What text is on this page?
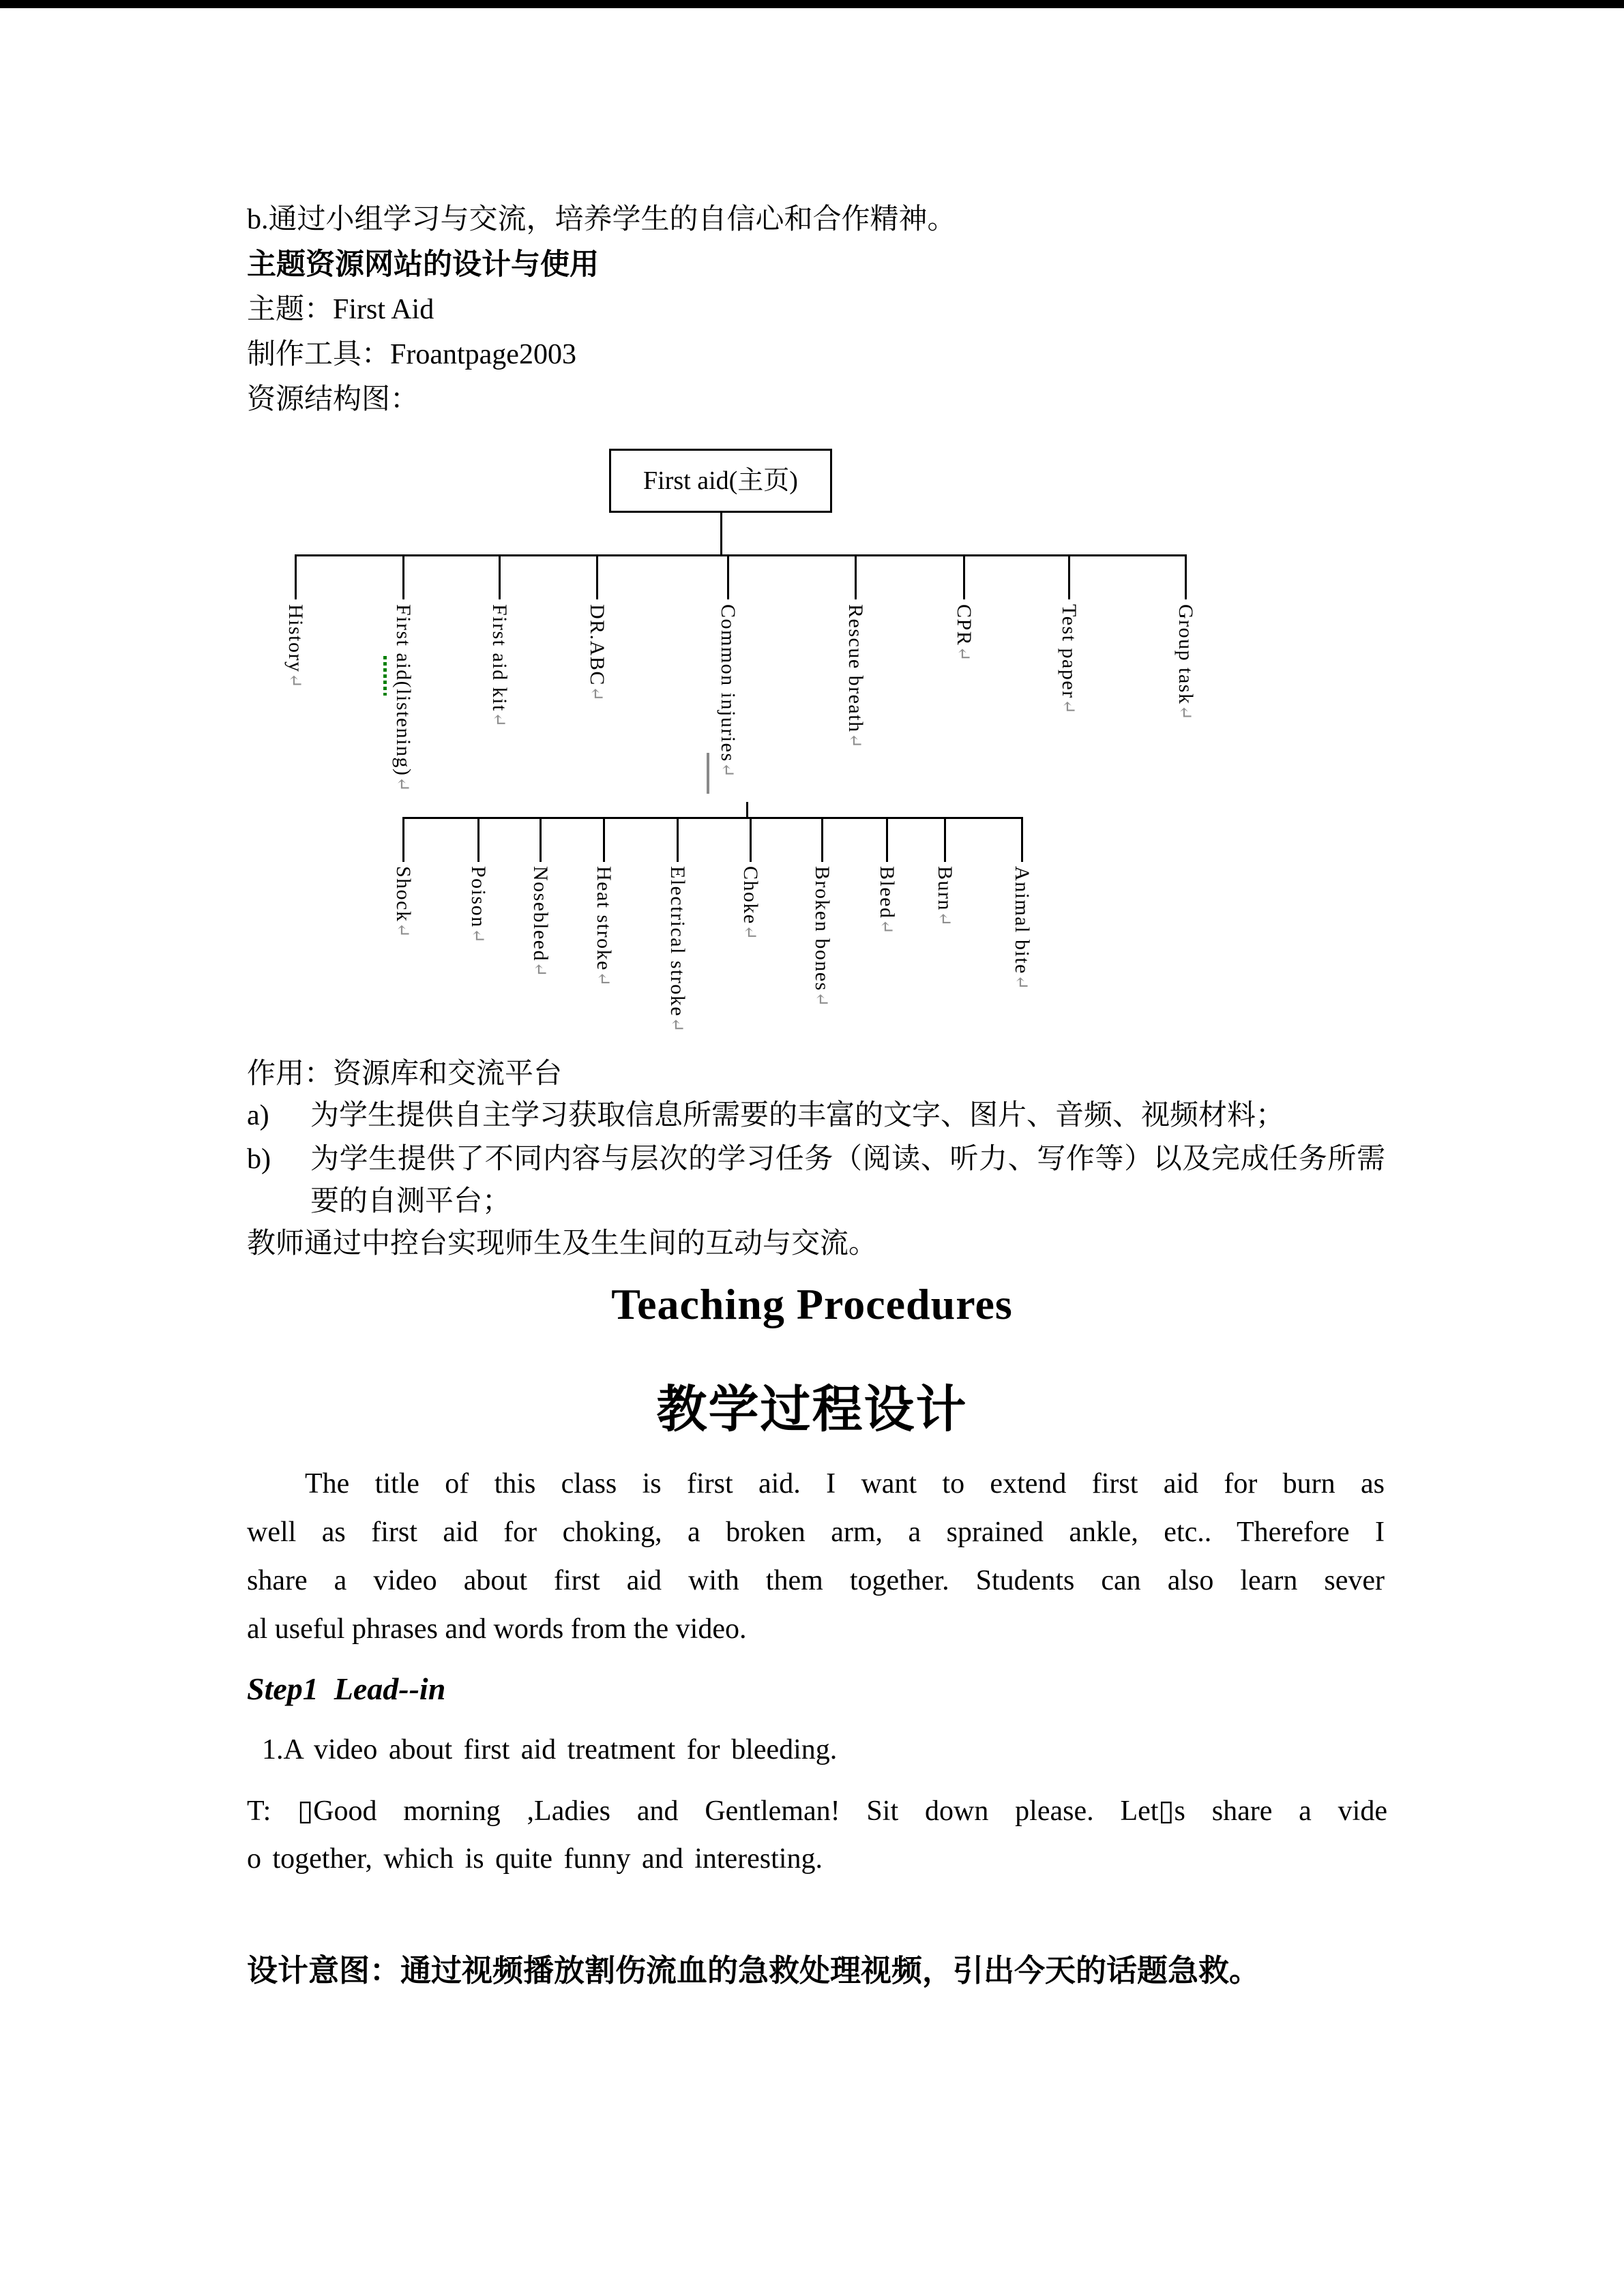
b.通过小组学习与交流，培养学生的自信心和合作精神。
主题资源网站的设计与使用
主题：First Aid
制作工具：Froantpage2003
资源结构图：
First aid(主页)
History↵	First aid(listening)↵
First aid kit↵
DR.ABC↵	Common injuries↵
Rescue breath↵
CPR↵	Test paper↵
Group task↵
Shock↵
Poison↵ Nosebleed↵ Heat stroke↵	Electrical stroke↵
Choke↵ Broken bones↵
Bleed↵
Burn↵	Animal bite↵
作用：资源库和交流平台
a)	为学生提供自主学习获取信息所需要的丰富的文字、图片、音频、视频材料；
b)	为学生提供了不同内容与层次的学习任务（阅读、听力、写作等）以及完成任务所需
要的自测平台；
教师通过中控台实现师生及生生间的互动与交流。
Teaching Procedures
教学过程设计
The title of this class is first aid. I want to extend first aid for burn as
well as first aid for choking, a broken arm, a sprained ankle, etc.. Therefore I
share a video about first aid with them together. Students can also learn sever
al useful phrases and words from the video.
Step1  Lead--in
1.A video about first aid treatment for bleeding.
T: ▯Good morning ,Ladies and Gentleman! Sit down please. Let▯s share a vide
o together, which is quite funny and interesting.
设计意图：通过视频播放割伤流血的急救处理视频，引出今天的话题急救。
